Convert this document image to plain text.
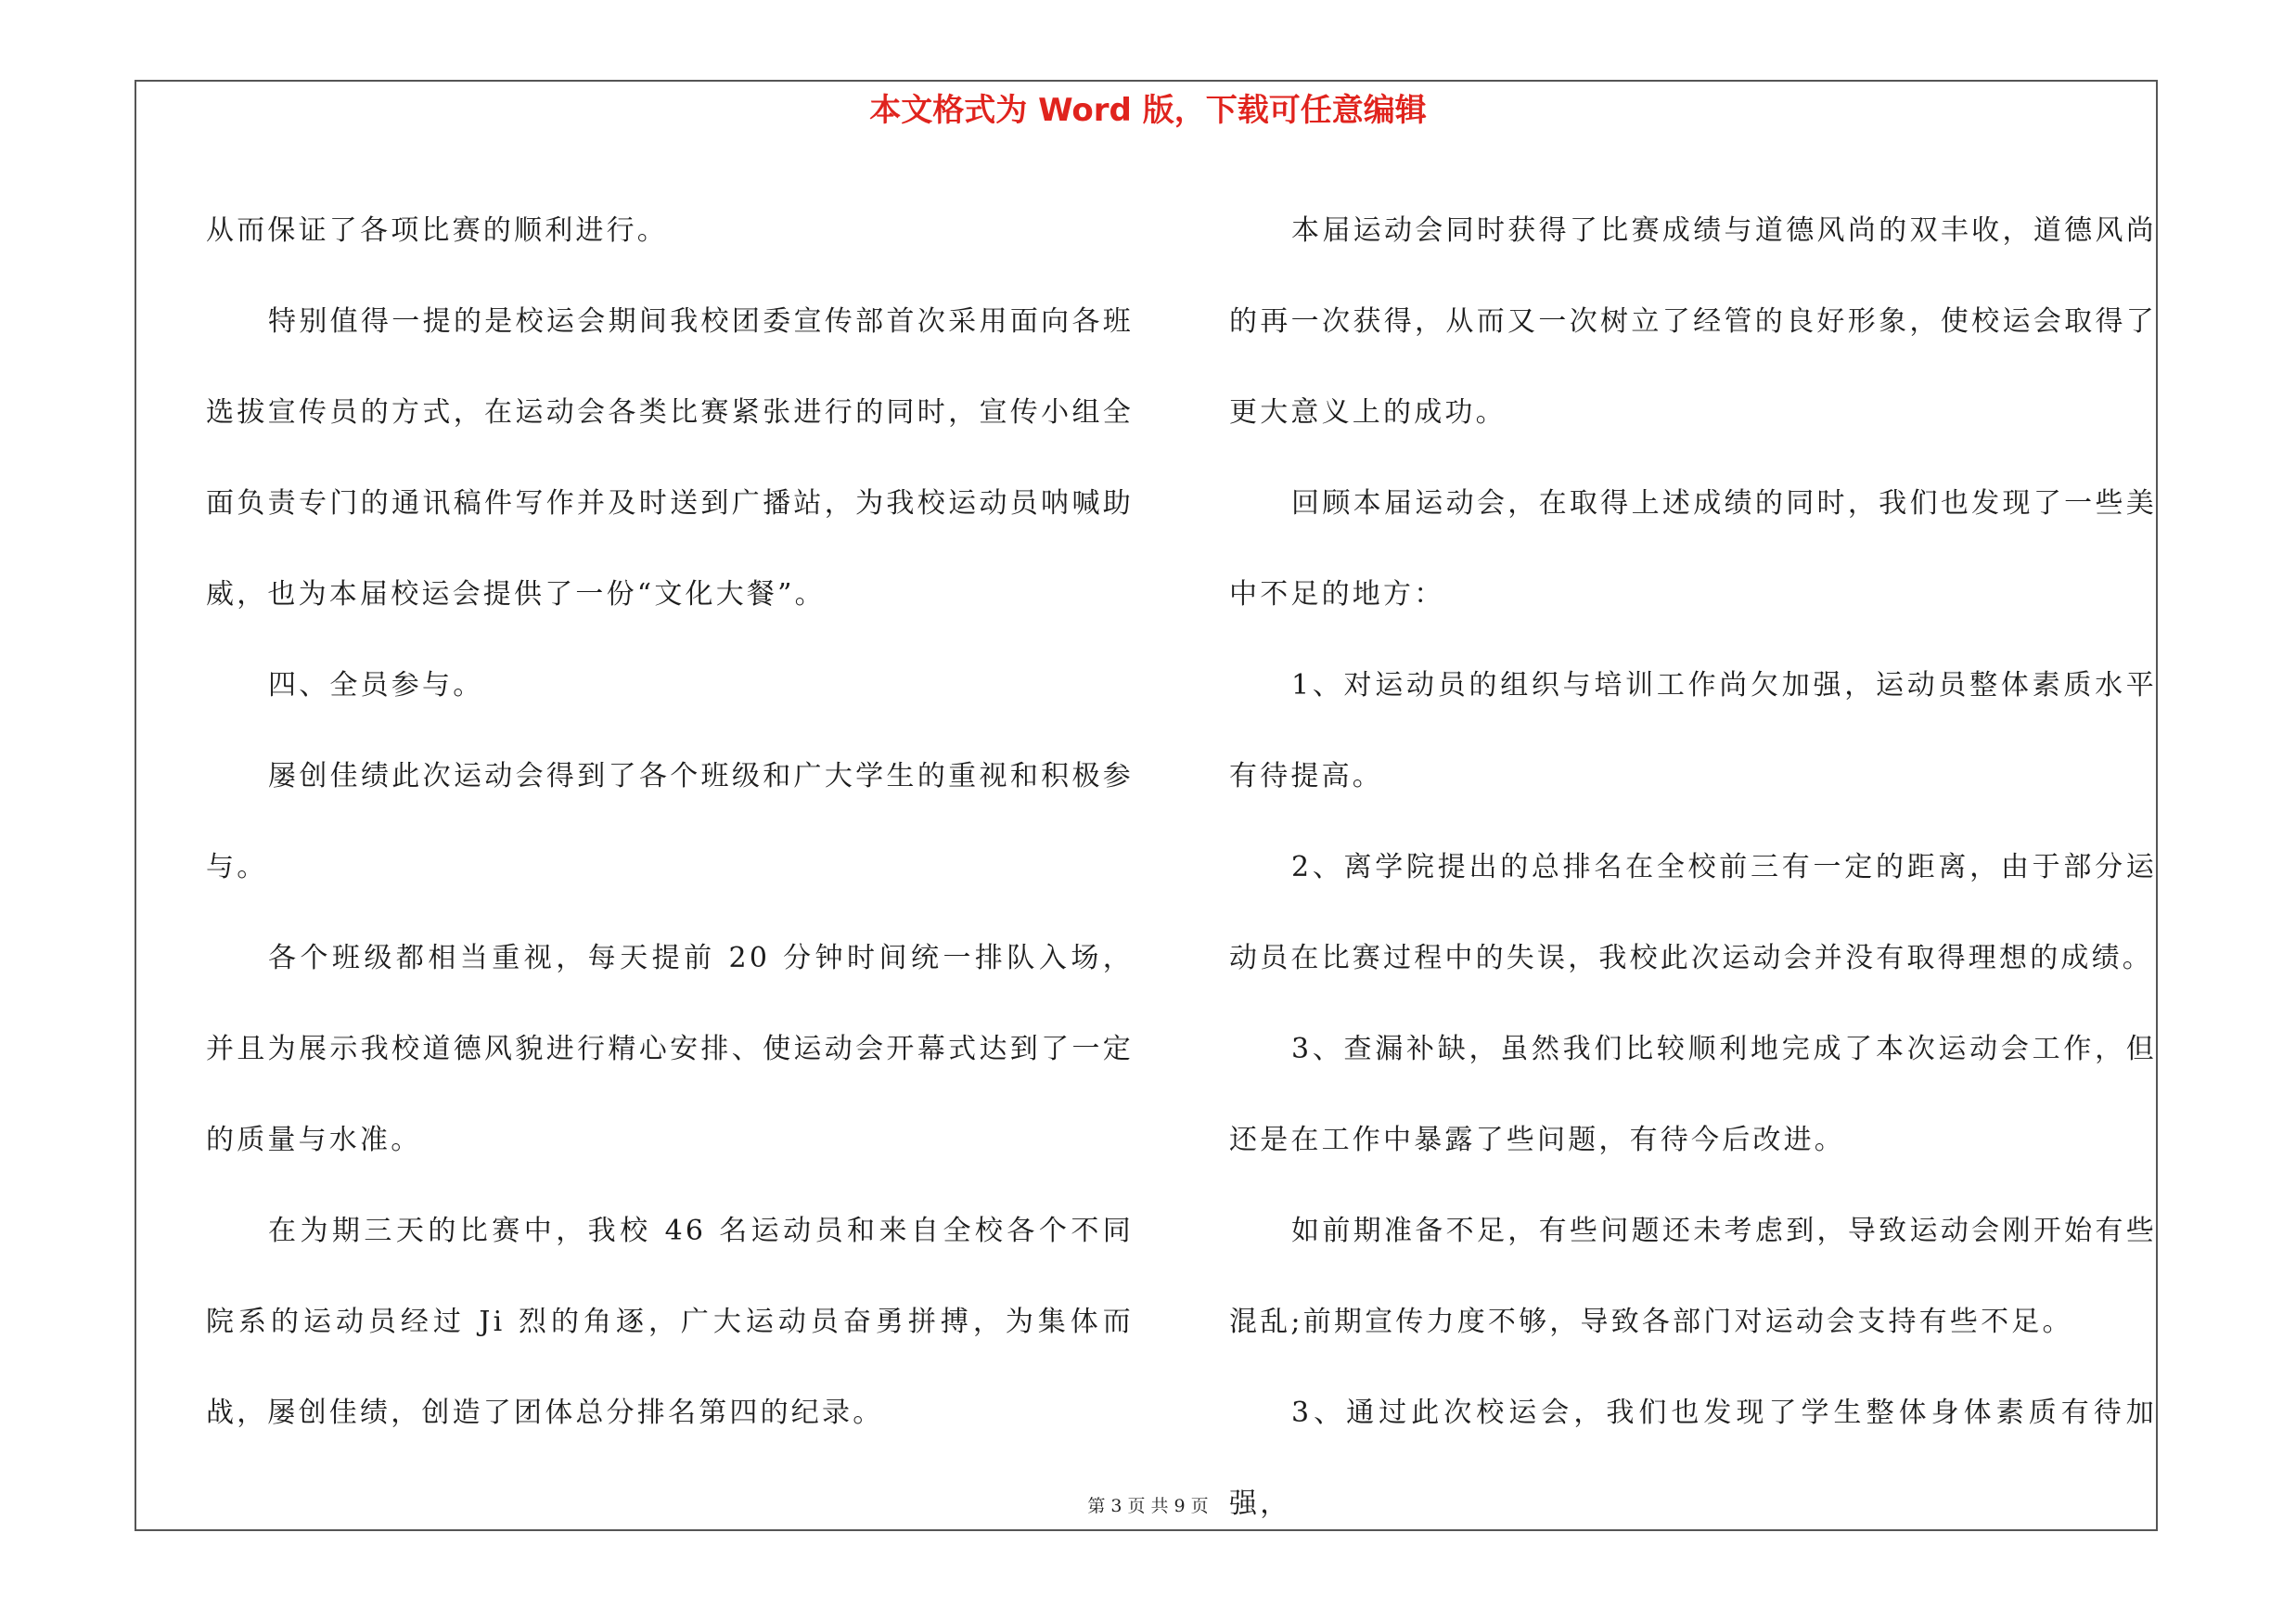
本文格式为 Word 版，下载可任意编辑

从而保证了各项比赛的顺利进行。

特别值得一提的是校运会期间我校团委宣传部首次采用面向各班选拔宣传员的方式，在运动会各类比赛紧张进行的同时，宣传小组全面负责专门的通讯稿件写作并及时送到广播站，为我校运动员呐喊助威，也为本届校运会提供了一份“文化大餐”。

四、全员参与。

屡创佳绩此次运动会得到了各个班级和广大学生的重视和积极参与。

各个班级都相当重视，每天提前 20 分钟时间统一排队入场，并且为展示我校道德风貌进行精心安排、使运动会开幕式达到了一定的质量与水准。

在为期三天的比赛中，我校 46 名运动员和来自全校各个不同院系的运动员经过 Ji 烈的角逐，广大运动员奋勇拼搏，为集体而战，屡创佳绩，创造了团体总分排名第四的纪录。

本届运动会同时获得了比赛成绩与道德风尚的双丰收，道德风尚的再一次获得，从而又一次树立了经管的良好形象，使校运会取得了更大意义上的成功。

回顾本届运动会，在取得上述成绩的同时，我们也发现了一些美中不足的地方：

1、对运动员的组织与培训工作尚欠加强，运动员整体素质水平有待提高。

2、离学院提出的总排名在全校前三有一定的距离，由于部分运动员在比赛过程中的失误，我校此次运动会并没有取得理想的成绩。

3、查漏补缺，虽然我们比较顺利地完成了本次运动会工作，但还是在工作中暴露了些问题，有待今后改进。

如前期准备不足，有些问题还未考虑到，导致运动会刚开始有些混乱;前期宣传力度不够，导致各部门对运动会支持有些不足。

3、通过此次校运会，我们也发现了学生整体身体素质有待加强，

第 3 页 共 9 页
